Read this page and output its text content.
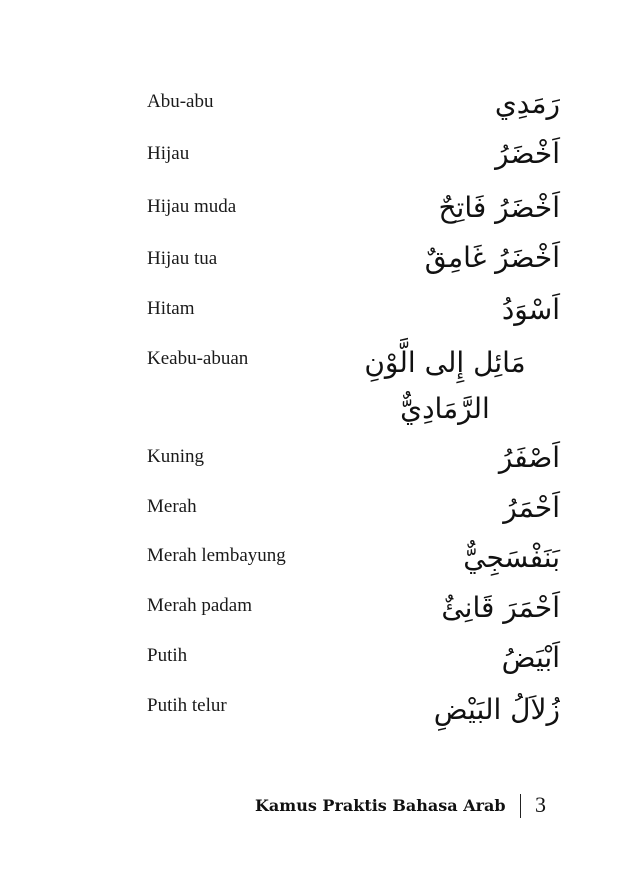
Abu-abu	رَمَدِي
Hijau	اَخْضَرُ
Hijau muda	اَخْضَرُ فَاتِحٌ
Hijau tua	اَخْضَرُ غَامِقٌ
Hitam	اَسْوَدُ
Keabu-abuan	مَائِل إِلى الَّوْنِ الرَّمَادِيٌّ
Kuning	اَصْفَرُ
Merah	اَحْمَرُ
Merah lembayung	بَنَفْسَجِيٌّ
Merah padam	اَحْمَرَ قَانِئٌ
Putih	اَبْيَضُ
Putih telur	زُلاَلُ البَيْضِ
Kamus Praktis Bahasa Arab 3
